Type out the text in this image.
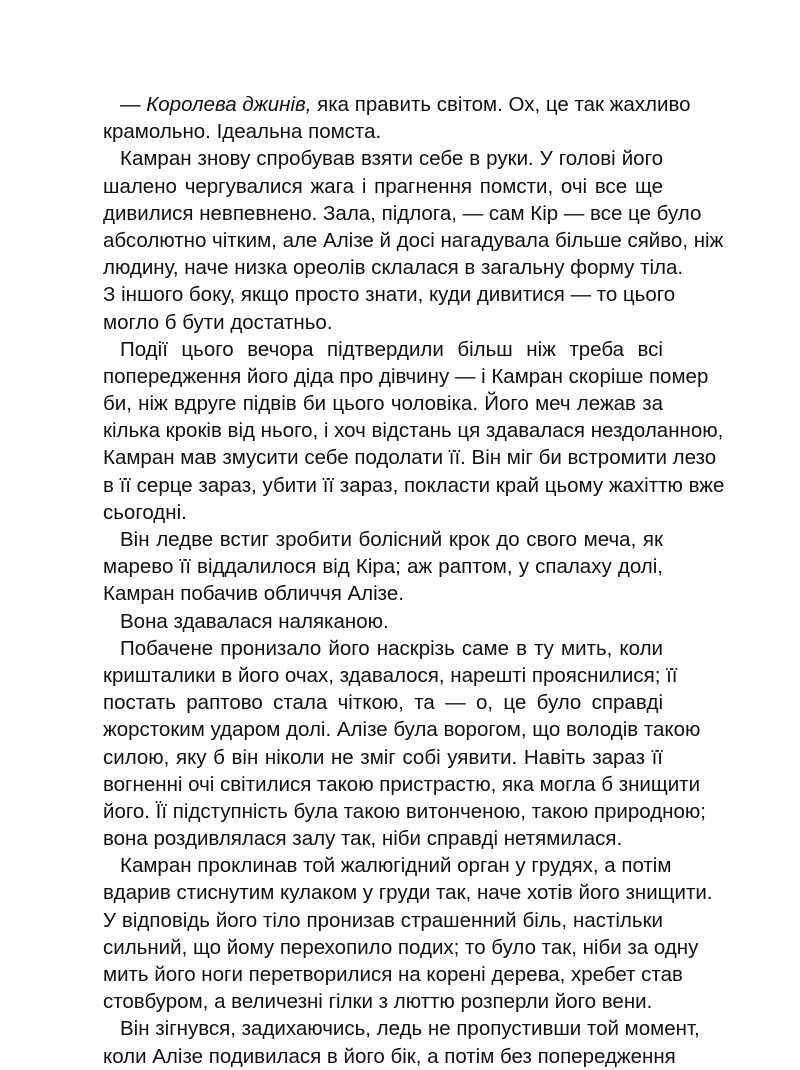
— Королева джинів, яка править світом. Ох, це так жахливо
крамольно. Ідеальна помста.
Камран знову спробував взяти себе в руки. У голові його
шалено чергувалися жага і прагнення помсти, очі все ще
дивилися невпевнено. Зала, підлога, — сам Кір — все це було
абсолютно чітким, але Алізе й досі нагадувала більше сяйво, ніж
людину, наче низка ореолів склалася в загальну форму тіла.
З іншого боку, якщо просто знати, куди дивитися — то цього
могло б бути достатньо.
Події цього вечора підтвердили більш ніж треба всі
попередження його діда про дівчину — і Камран скоріше помер
би, ніж вдруге підвів би цього чоловіка. Його меч лежав за
кілька кроків від нього, і хоч відстань ця здавалася нездоланною,
Камран мав змусити себе подолати її. Він міг би встромити лезо
в її серце зараз, убити її зараз, покласти край цьому жахіттю вже
сьогодні.
Він ледве встиг зробити болісний крок до свого меча, як
марево її віддалилося від Кіра; аж раптом, у спалаху долі,
Камран побачив обличчя Алізе.
Вона здавалася наляканою.
Побачене пронизало його наскрізь саме в ту мить, коли
кришталики в його очах, здавалося, нарешті прояснилися; її
постать раптово стала чіткою, та — о, це було справді
жорстоким ударом долі. Алізе була ворогом, що володів такою
силою, яку б він ніколи не зміг собі уявити. Навіть зараз її
вогненні очі світилися такою пристрастю, яка могла б знищити
його. Її підступність була такою витонченою, такою природною;
вона роздивлялася залу так, ніби справді нетямилася.
Камран проклинав той жалюгідний орган у грудях, а потім
вдарив стиснутим кулаком у груди так, наче хотів його знищити.
У відповідь його тіло пронизав страшенний біль, настільки
сильний, що йому перехопило подих; то було так, ніби за одну
мить його ноги перетворилися на корені дерева, хребет став
стовбуром, а величезні гілки з люттю розперли його вени.
Він зігнувся, задихаючись, ледь не пропустивши той момент,
коли Алізе подивилася в його бік, а потім без попередження
